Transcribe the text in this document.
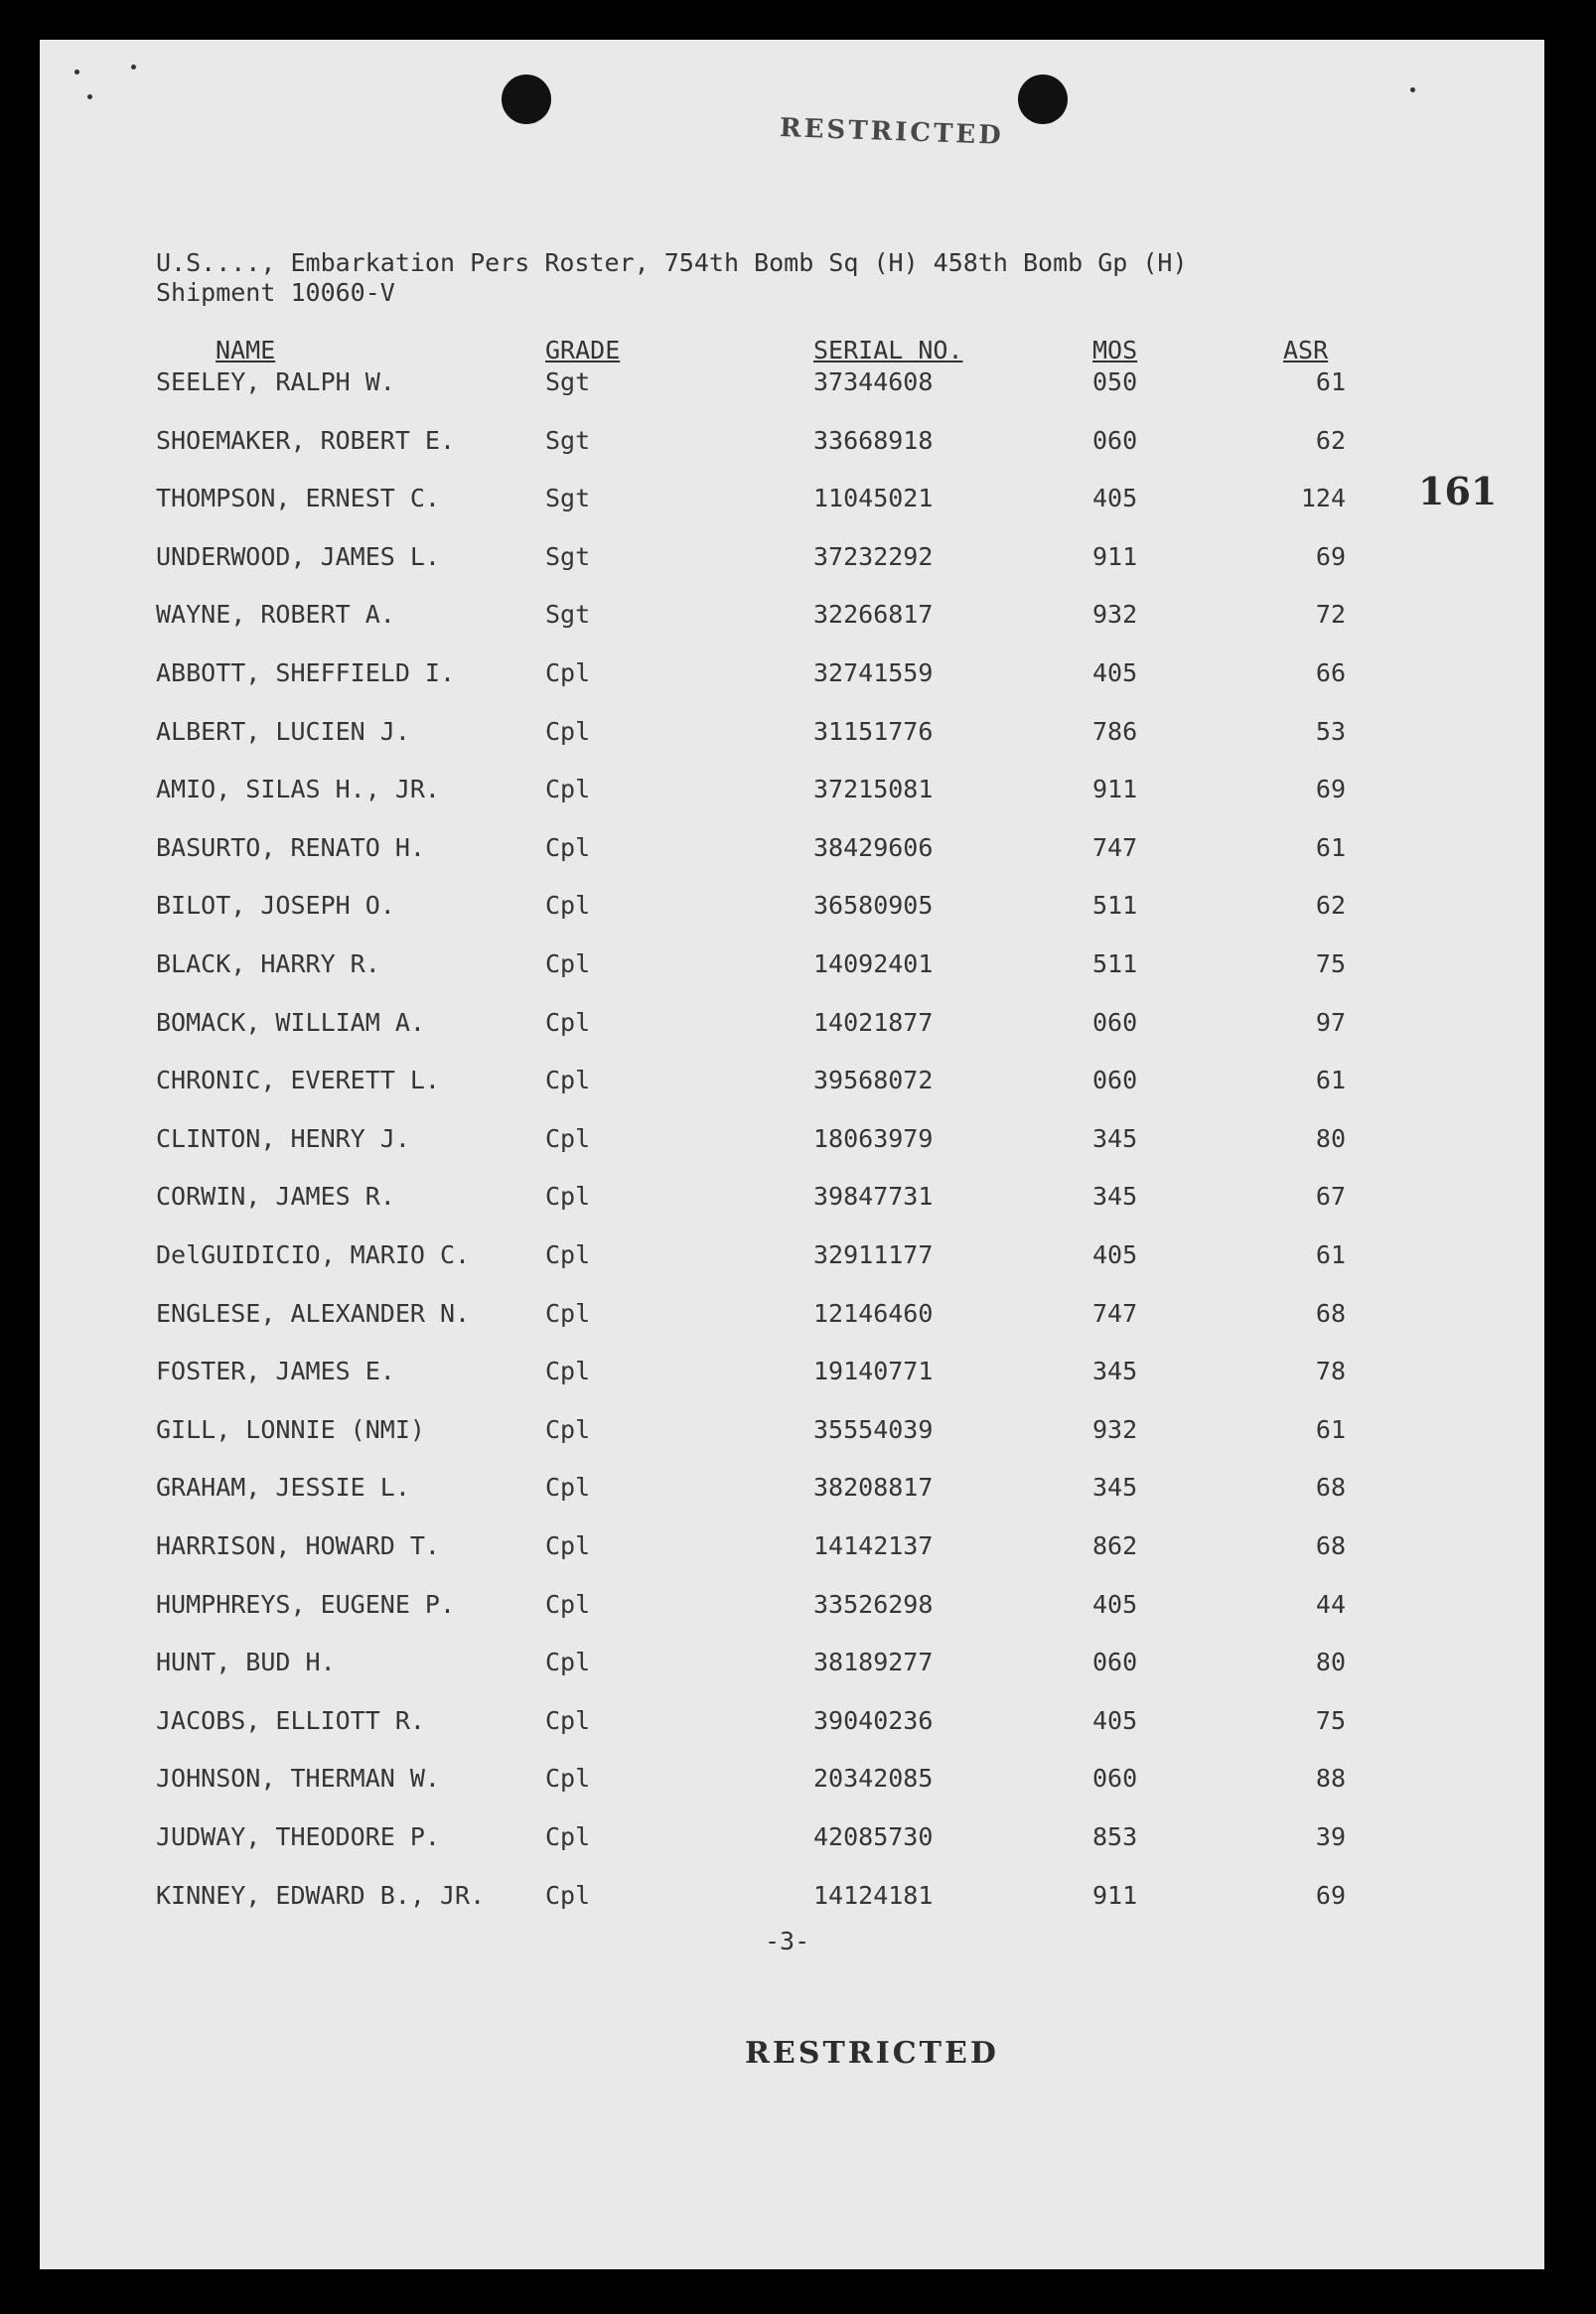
RESTRICTED
161
U.S...., Embarkation Pers Roster, 754th Bomb Sq (H) 458th Bomb Gp (H)
Shipment 10060-V
NAME	GRADE	SERIAL NO.	MOS	ASR
SEELEY, RALPH W.	Sgt	37344608	050	61
SHOEMAKER, ROBERT E.	Sgt	33668918	060	62
THOMPSON, ERNEST C.	Sgt	11045021	405	124
UNDERWOOD, JAMES L.	Sgt	37232292	911	69
WAYNE, ROBERT A.	Sgt	32266817	932	72
ABBOTT, SHEFFIELD I.	Cpl	32741559	405	66
ALBERT, LUCIEN J.	Cpl	31151776	786	53
AMIO, SILAS H., JR.	Cpl	37215081	911	69
BASURTO, RENATO H.	Cpl	38429606	747	61
BILOT, JOSEPH O.	Cpl	36580905	511	62
BLACK, HARRY R.	Cpl	14092401	511	75
BOMACK, WILLIAM A.	Cpl	14021877	060	97
CHRONIC, EVERETT L.	Cpl	39568072	060	61
CLINTON, HENRY J.	Cpl	18063979	345	80
CORWIN, JAMES R.	Cpl	39847731	345	67
DelGUIDICIO, MARIO C.	Cpl	32911177	405	61
ENGLESE, ALEXANDER N.	Cpl	12146460	747	68
FOSTER, JAMES E.	Cpl	19140771	345	78
GILL, LONNIE (NMI)	Cpl	35554039	932	61
GRAHAM, JESSIE L.	Cpl	38208817	345	68
HARRISON, HOWARD T.	Cpl	14142137	862	68
HUMPHREYS, EUGENE P.	Cpl	33526298	405	44
HUNT, BUD H.	Cpl	38189277	060	80
JACOBS, ELLIOTT R.	Cpl	39040236	405	75
JOHNSON, THERMAN W.	Cpl	20342085	060	88
JUDWAY, THEODORE P.	Cpl	42085730	853	39
KINNEY, EDWARD B., JR. Cpl	14124181	911	69
-3-
RESTRICTED
